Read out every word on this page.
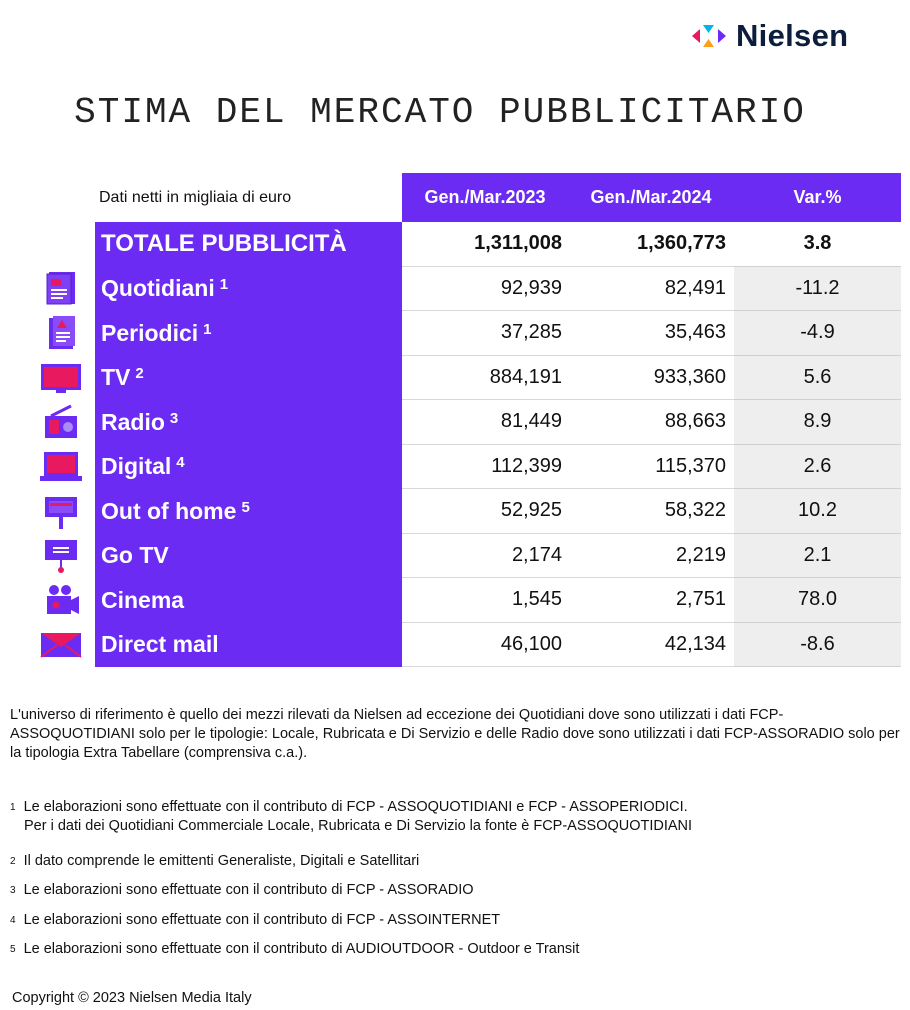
Nielsen
STIMA DEL MERCATO PUBBLICITARIO
Dati netti in migliaia di euro	Gen./Mar.2023	Gen./Mar.2024	Var.%
TOTALE PUBBLICITÀ	1,311,008	1,360,773	3.8
Quotidiani $^1$	92,939	82,491	-11.2
Periodici $^1$	37,285	35,463	-4.9
TV $^2$	884,191	933,360	5.6
Radio $^3$	81,449	88,663	8.9
Digital $^4$	112,399	115,370	2.6
Out of home $^5$	52,925	58,322	10.2
Go TV	2,174	2,219	2.1
Cinema	1,545	2,751	78.0
Direct mail	46,100	42,134	-8.6

L'universo di riferimento è quello dei mezzi rilevati da Nielsen ad eccezione dei Quotidiani dove sono utilizzati i dati FCP-ASSOQUOTIDIANI solo per le tipologie: Locale, Rubricata e Di Servizio e delle Radio dove sono utilizzati i dati FCP-ASSORADIO solo per la tipologia Extra Tabellare (comprensiva c.a.).

$^1$ Le elaborazioni sono effettuate con il contributo di FCP - ASSOQUOTIDIANI e FCP - ASSOPERIODICI.
Per i dati dei Quotidiani Commerciale Locale, Rubricata e Di Servizio la fonte è FCP-ASSOQUOTIDIANI
$^2$ Il dato comprende le emittenti Generaliste, Digitali e Satellitari
$^3$ Le elaborazioni sono effettuate con il contributo di FCP - ASSORADIO
$^4$ Le elaborazioni sono effettuate con il contributo di FCP - ASSOINTERNET
$^5$ Le elaborazioni sono effettuate con il contributo di AUDIOUTDOOR - Outdoor e Transit
Copyright © 2023 Nielsen Media Italy
